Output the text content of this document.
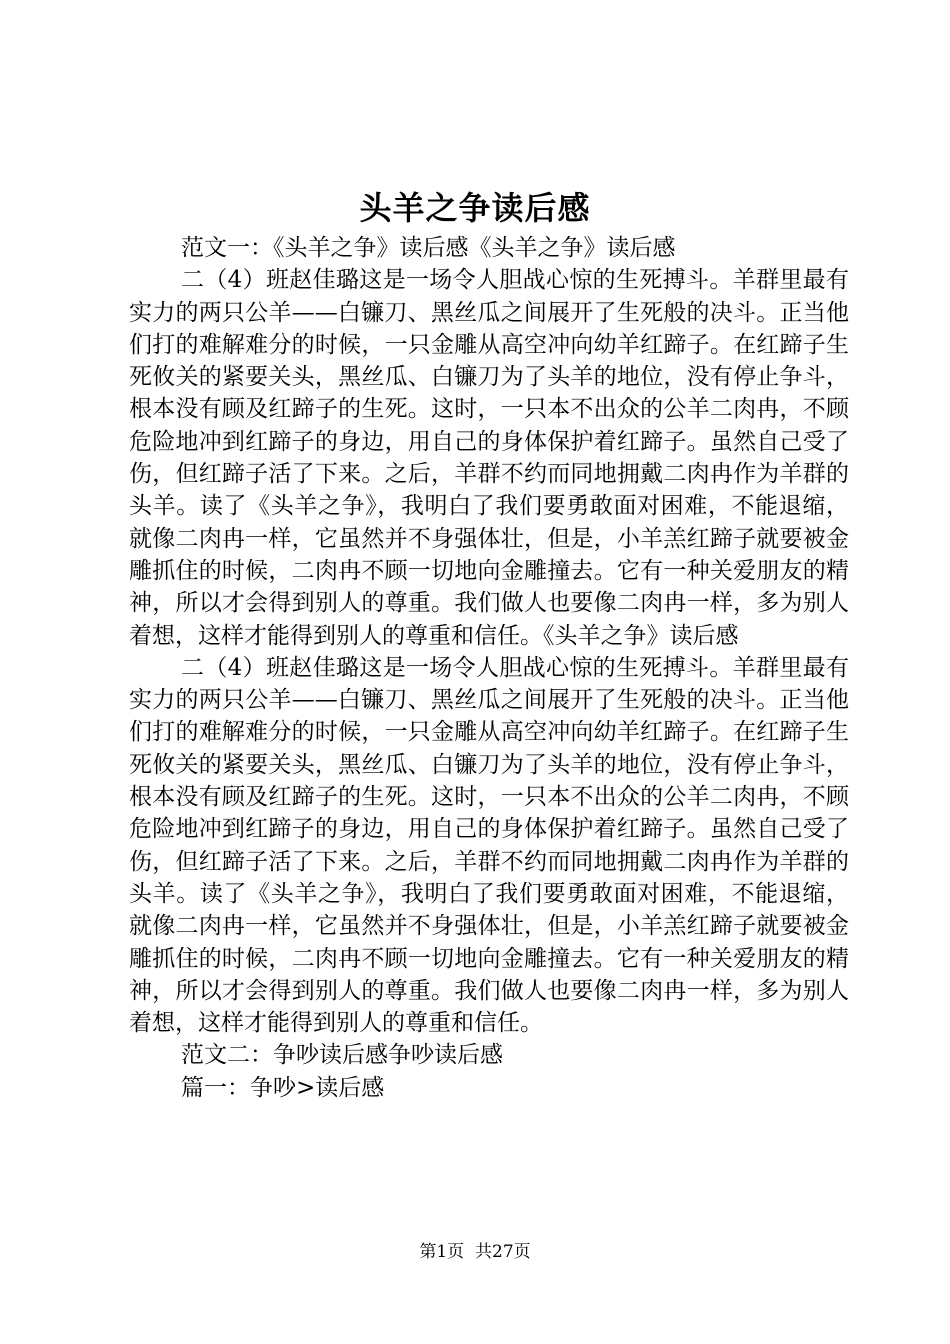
头羊之争读后感

范文一：《头羊之争》读后感《头羊之争》读后感

二（4）班赵佳璐这是一场令人胆战心惊的生死搏斗。羊群里最有实力的两只公羊——白镰刀、黑丝瓜之间展开了生死般的决斗。正当他们打的难解难分的时候，一只金雕从高空冲向幼羊红蹄子。在红蹄子生死攸关的紧要关头，黑丝瓜、白镰刀为了头羊的地位，没有停止争斗，根本没有顾及红蹄子的生死。这时，一只本不出众的公羊二肉冉，不顾危险地冲到红蹄子的身边，用自己的身体保护着红蹄子。虽然自己受了伤，但红蹄子活了下来。之后，羊群不约而同地拥戴二肉冉作为羊群的头羊。读了《头羊之争》，我明白了我们要勇敢面对困难，不能退缩，就像二肉冉一样，它虽然并不身强体壮，但是，小羊羔红蹄子就要被金雕抓住的时候，二肉冉不顾一切地向金雕撞去。它有一种关爱朋友的精神，所以才会得到别人的尊重。我们做人也要像二肉冉一样，多为别人着想，这样才能得到别人的尊重和信任。《头羊之争》读后感

二（4）班赵佳璐这是一场令人胆战心惊的生死搏斗。羊群里最有实力的两只公羊——白镰刀、黑丝瓜之间展开了生死般的决斗。正当他们打的难解难分的时候，一只金雕从高空冲向幼羊红蹄子。在红蹄子生死攸关的紧要关头，黑丝瓜、白镰刀为了头羊的地位，没有停止争斗，根本没有顾及红蹄子的生死。这时，一只本不出众的公羊二肉冉，不顾危险地冲到红蹄子的身边，用自己的身体保护着红蹄子。虽然自己受了伤，但红蹄子活了下来。之后，羊群不约而同地拥戴二肉冉作为羊群的头羊。读了《头羊之争》，我明白了我们要勇敢面对困难，不能退缩，就像二肉冉一样，它虽然并不身强体壮，但是，小羊羔红蹄子就要被金雕抓住的时候，二肉冉不顾一切地向金雕撞去。它有一种关爱朋友的精神，所以才会得到别人的尊重。我们做人也要像二肉冉一样，多为别人着想，这样才能得到别人的尊重和信任。

范文二：争吵读后感争吵读后感

篇一：争吵>读后感

第1页 共27页
